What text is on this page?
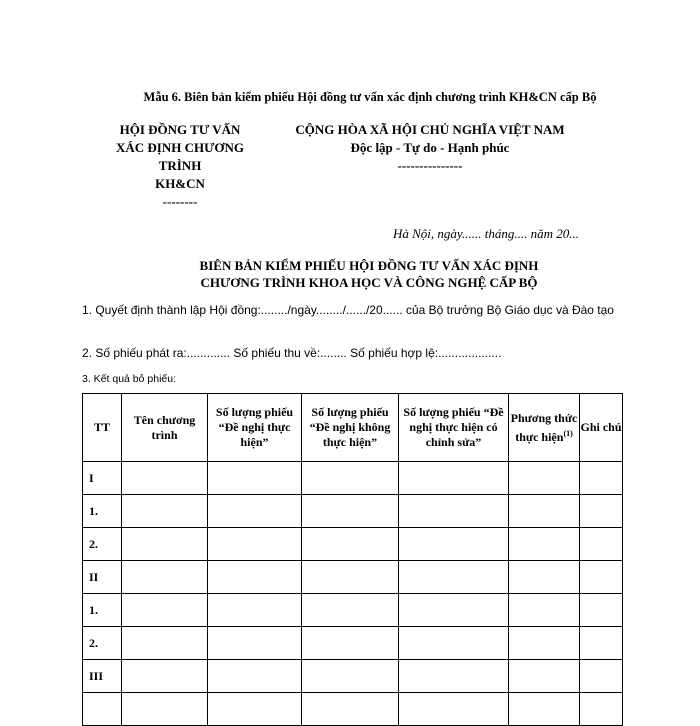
Mẫu 6. Biên bản kiểm phiếu Hội đồng tư vấn xác định chương trình KH&CN cấp Bộ
HỘI ĐỒNG TƯ VẤN
XÁC ĐỊNH CHƯƠNG
TRÌNH
KH&CN
--------
CỘNG HÒA XÃ HỘI CHỦ NGHĨA VIỆT NAM
Độc lập - Tự do - Hạnh phúc
---------------
Hà Nội, ngày...... tháng.... năm 20...
BIÊN BẢN KIỂM PHIẾU HỘI ĐỒNG TƯ VẤN XÁC ĐỊNH
CHƯƠNG TRÌNH KHOA HỌC VÀ CÔNG NGHỆ CẤP BỘ
1. Quyết định thành lập Hội đồng:......../ngày......../....../20...... của Bộ trưởng Bộ Giáo dục và Đào tạo
2. Số phiếu phát ra:............. Số phiếu thu về:........ Số phiếu hợp lệ:...................
3. Kết quả bỏ phiếu:
TT	Tên chương trình	Số lượng phiếu “Đề nghị thực hiện”	Số lượng phiếu “Đề nghị không thực hiện”	Số lượng phiếu “Đề nghị thực hiện có chỉnh sửa”	Phương thức thực hiện$^{(1)}$	Ghi chú
I						
1.						
2.						
II						
1.						
2.						
III						
